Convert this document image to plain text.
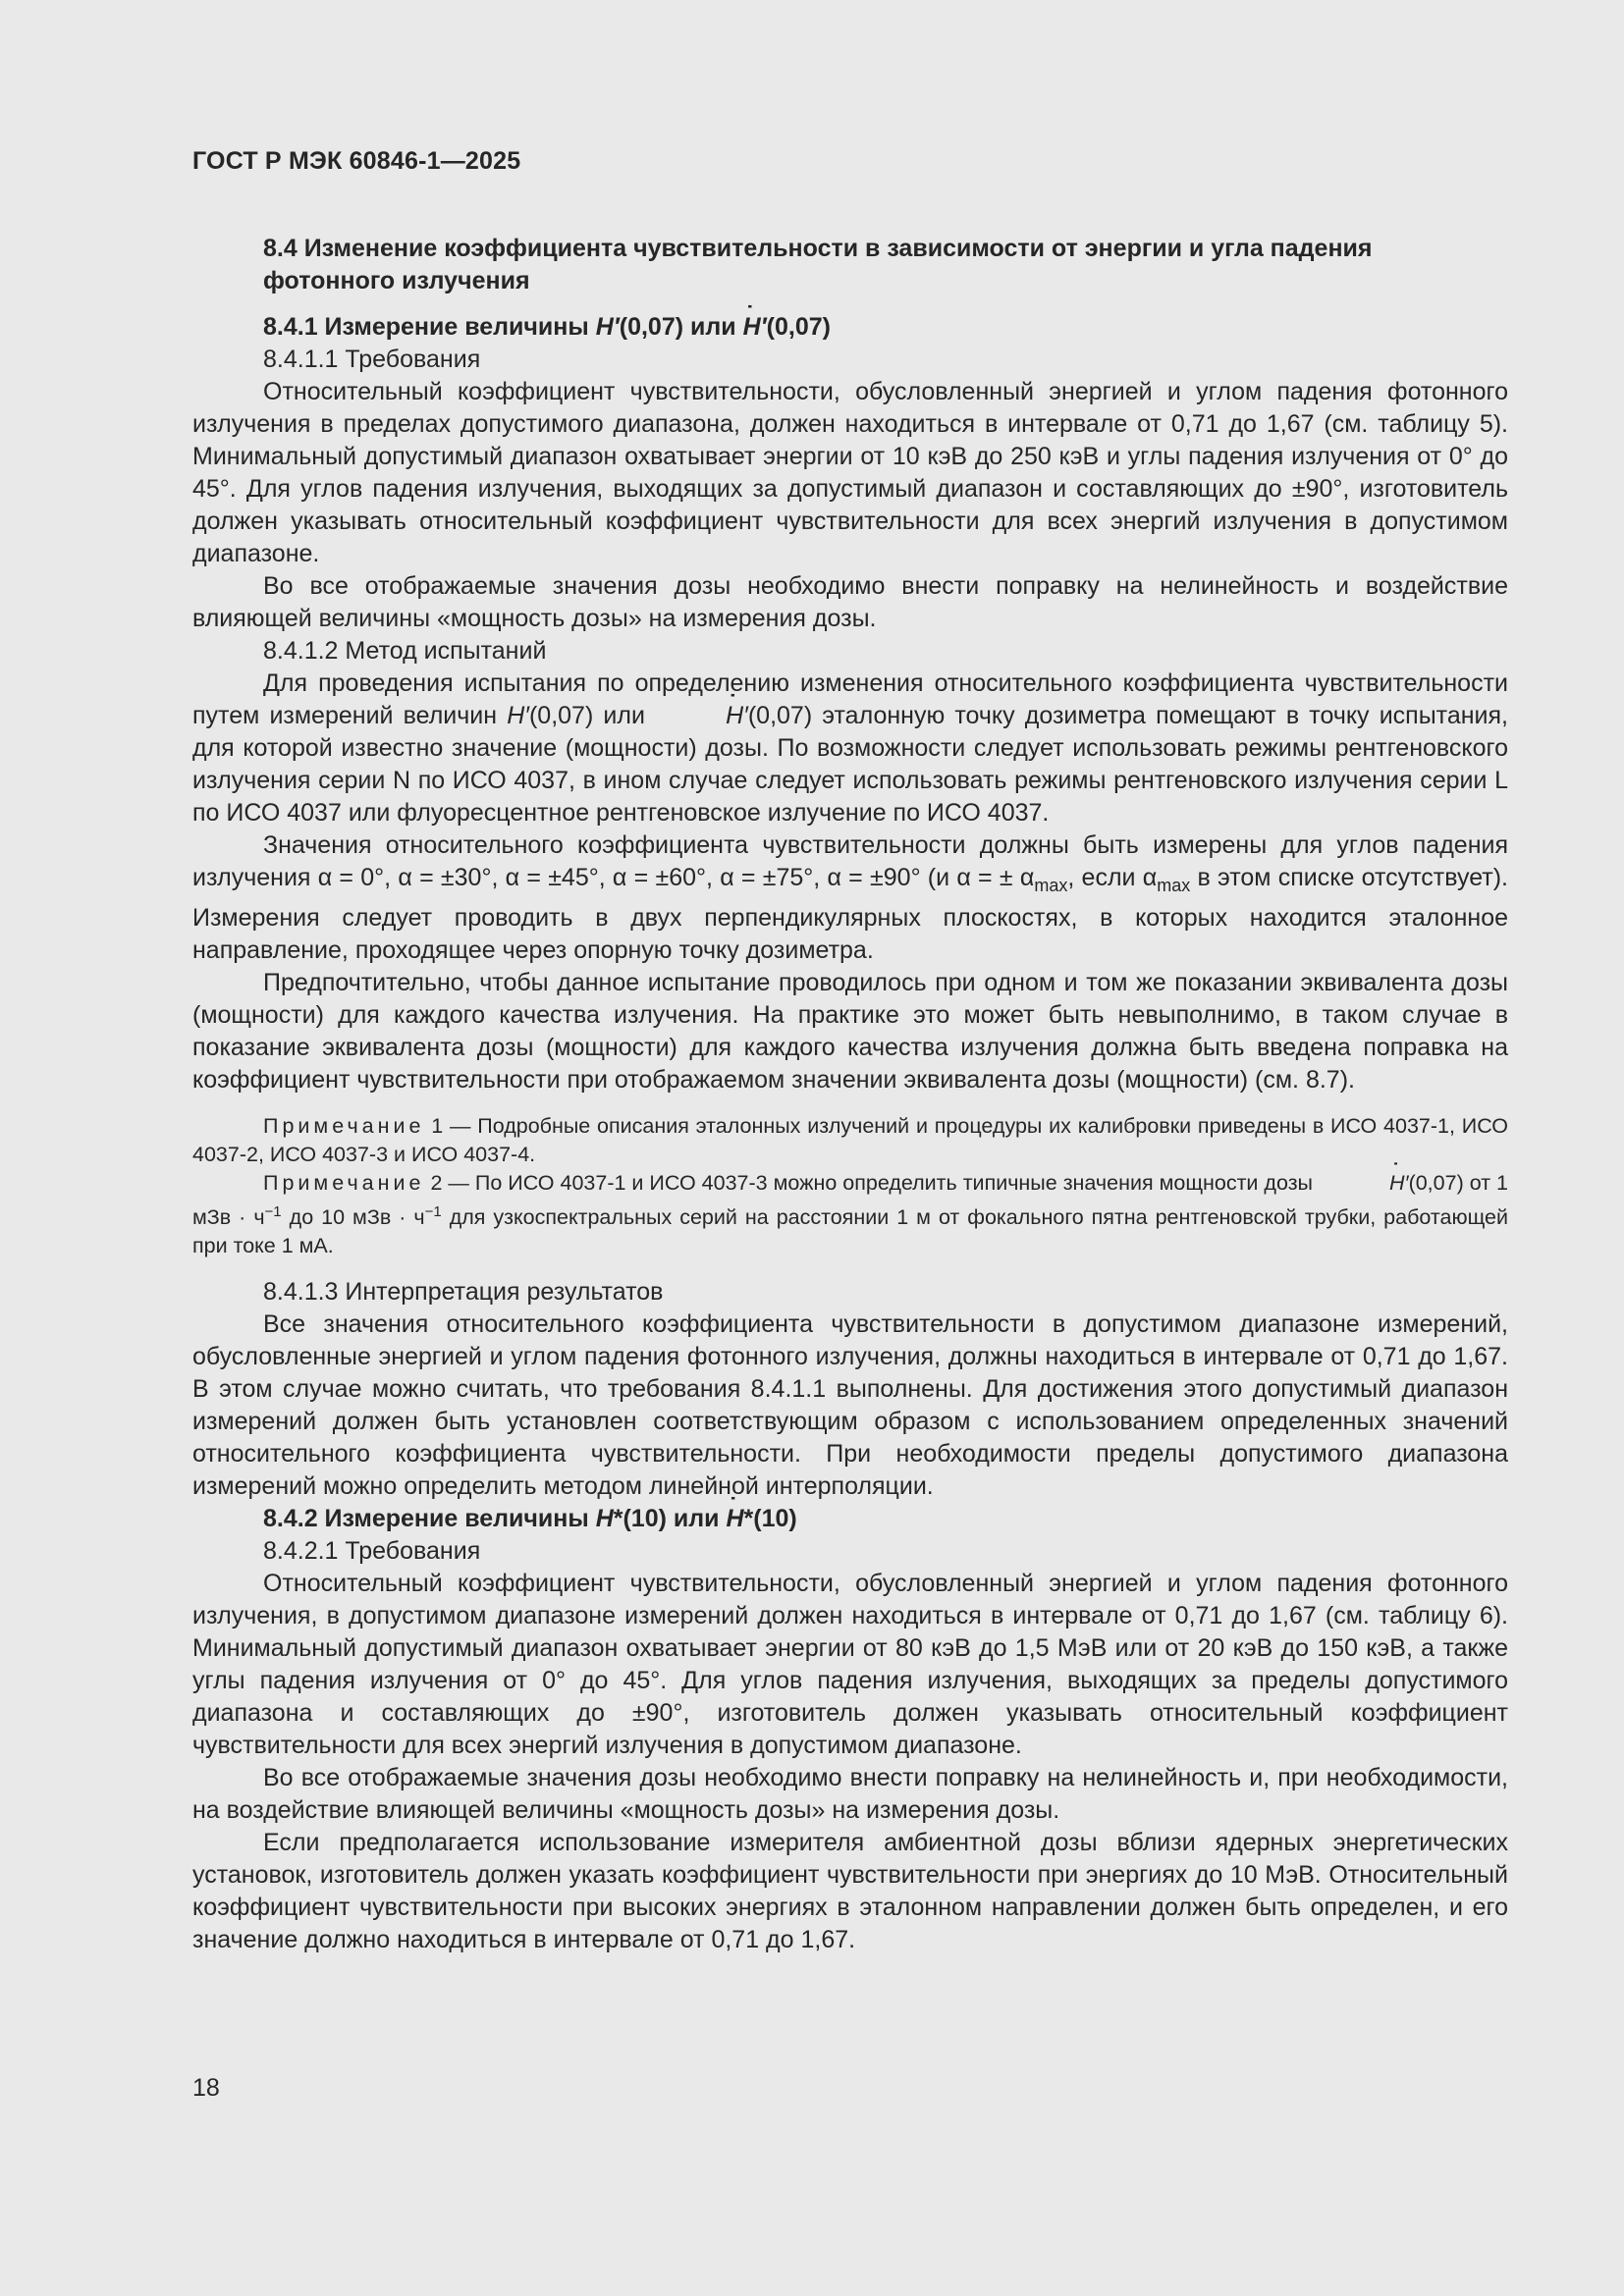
ГОСТ Р МЭК 60846-1—2025
8.4 Изменение коэффициента чувствительности в зависимости от энергии и угла падения фотонного излучения
8.4.1 Измерение величины H′(0,07) или ˙ H′(0,07)
8.4.1.1 Требования

Относительный коэффициент чувствительности, обусловленный энергией и углом падения фотонного излучения в пределах допустимого диапазона, должен находиться в интервале от 0,71 до 1,67 (см. таблицу 5). Минимальный допустимый диапазон охватывает энергии от 10 кэВ до 250 кэВ и углы падения излучения от 0° до 45°. Для углов падения излучения, выходящих за допустимый диапазон и составляющих до ±90°, изготовитель должен указывать относительный коэффициент чувствительности для всех энергий излучения в допустимом диапазоне.

Во все отображаемые значения дозы необходимо внести поправку на нелинейность и воздействие влияющей величины «мощность дозы» на измерения дозы.

8.4.1.2 Метод испытаний

Для проведения испытания по определению изменения относительного коэффициента чувствительности путем измерений величин H′(0,07) или	˙ H′(0,07) эталонную точку дозиметра помещают в точку испытания, для которой известно значение (мощности) дозы. По возможности следует использовать режимы рентгеновского излучения серии N по ИСО 4037, в ином случае следует использовать режимы рентгеновского излучения серии L по ИСО 4037 или флуоресцентное рентгеновское излучение по ИСО 4037.

Значения относительного коэффициента чувствительности должны быть измерены для углов падения излучения α = 0°, α = ±30°, α = ±45°, α = ±60°, α = ±75°, α = ±90° (и α = ± $\alpha_{max}$, если $\alpha_{max}$ в этом списке отсутствует). Измерения следует проводить в двух перпендикулярных плоскостях, в которых находится эталонное направление, проходящее через опорную точку дозиметра.

Предпочтительно, чтобы данное испытание проводилось при одном и том же показании эквивалента дозы (мощности) для каждого качества излучения. На практике это может быть невыполнимо, в таком случае в показание эквивалента дозы (мощности) для каждого качества излучения должна быть введена поправка на коэффициент чувствительности при отображаемом значении эквивалента дозы (мощности) (см. 8.7).

Примечание 1 — Подробные описания эталонных излучений и процедуры их калибровки приведены в ИСО 4037-1, ИСО 4037-2, ИСО 4037-3 и ИСО 4037-4.

Примечание 2 — По ИСО 4037-1 и ИСО 4037-3 можно определить типичные значения мощности дозы	˙ H′(0,07) от 1 мЗв · $ч^{-1}$ до 10 мЗв · $ч^{-1}$ для узкоспектральных серий на расстоянии 1 м от фокального пятна рентгеновской трубки, работающей при токе 1 мА.

8.4.1.3 Интерпретация результатов

Все значения относительного коэффициента чувствительности в допустимом диапазоне измерений, обусловленные энергией и углом падения фотонного излучения, должны находиться в интервале от 0,71 до 1,67. В этом случае можно считать, что требования 8.4.1.1 выполнены. Для достижения этого допустимый диапазон измерений должен быть установлен соответствующим образом с использованием определенных значений относительного коэффициента чувствительности. При необходимости пределы допустимого диапазона измерений можно определить методом линейной интерполяции.

8.4.2 Измерение величины H*(10) или ˙ H*(10)
8.4.2.1 Требования

Относительный коэффициент чувствительности, обусловленный энергией и углом падения фотонного излучения, в допустимом диапазоне измерений должен находиться в интервале от 0,71 до 1,67 (см. таблицу 6). Минимальный допустимый диапазон охватывает энергии от 80 кэВ до 1,5 МэВ или от 20 кэВ до 150 кэВ, а также углы падения излучения от 0° до 45°. Для углов падения излучения, выходящих за пределы допустимого диапазона и составляющих до ±90°, изготовитель должен указывать относительный коэффициент чувствительности для всех энергий излучения в допустимом диапазоне.

Во все отображаемые значения дозы необходимо внести поправку на нелинейность и, при необходимости, на воздействие влияющей величины «мощность дозы» на измерения дозы.

Если предполагается использование измерителя амбиентной дозы вблизи ядерных энергетических установок, изготовитель должен указать коэффициент чувствительности при энергиях до 10 МэВ. Относительный коэффициент чувствительности при высоких энергиях в эталонном направлении должен быть определен, и его значение должно находиться в интервале от 0,71 до 1,67.

18
